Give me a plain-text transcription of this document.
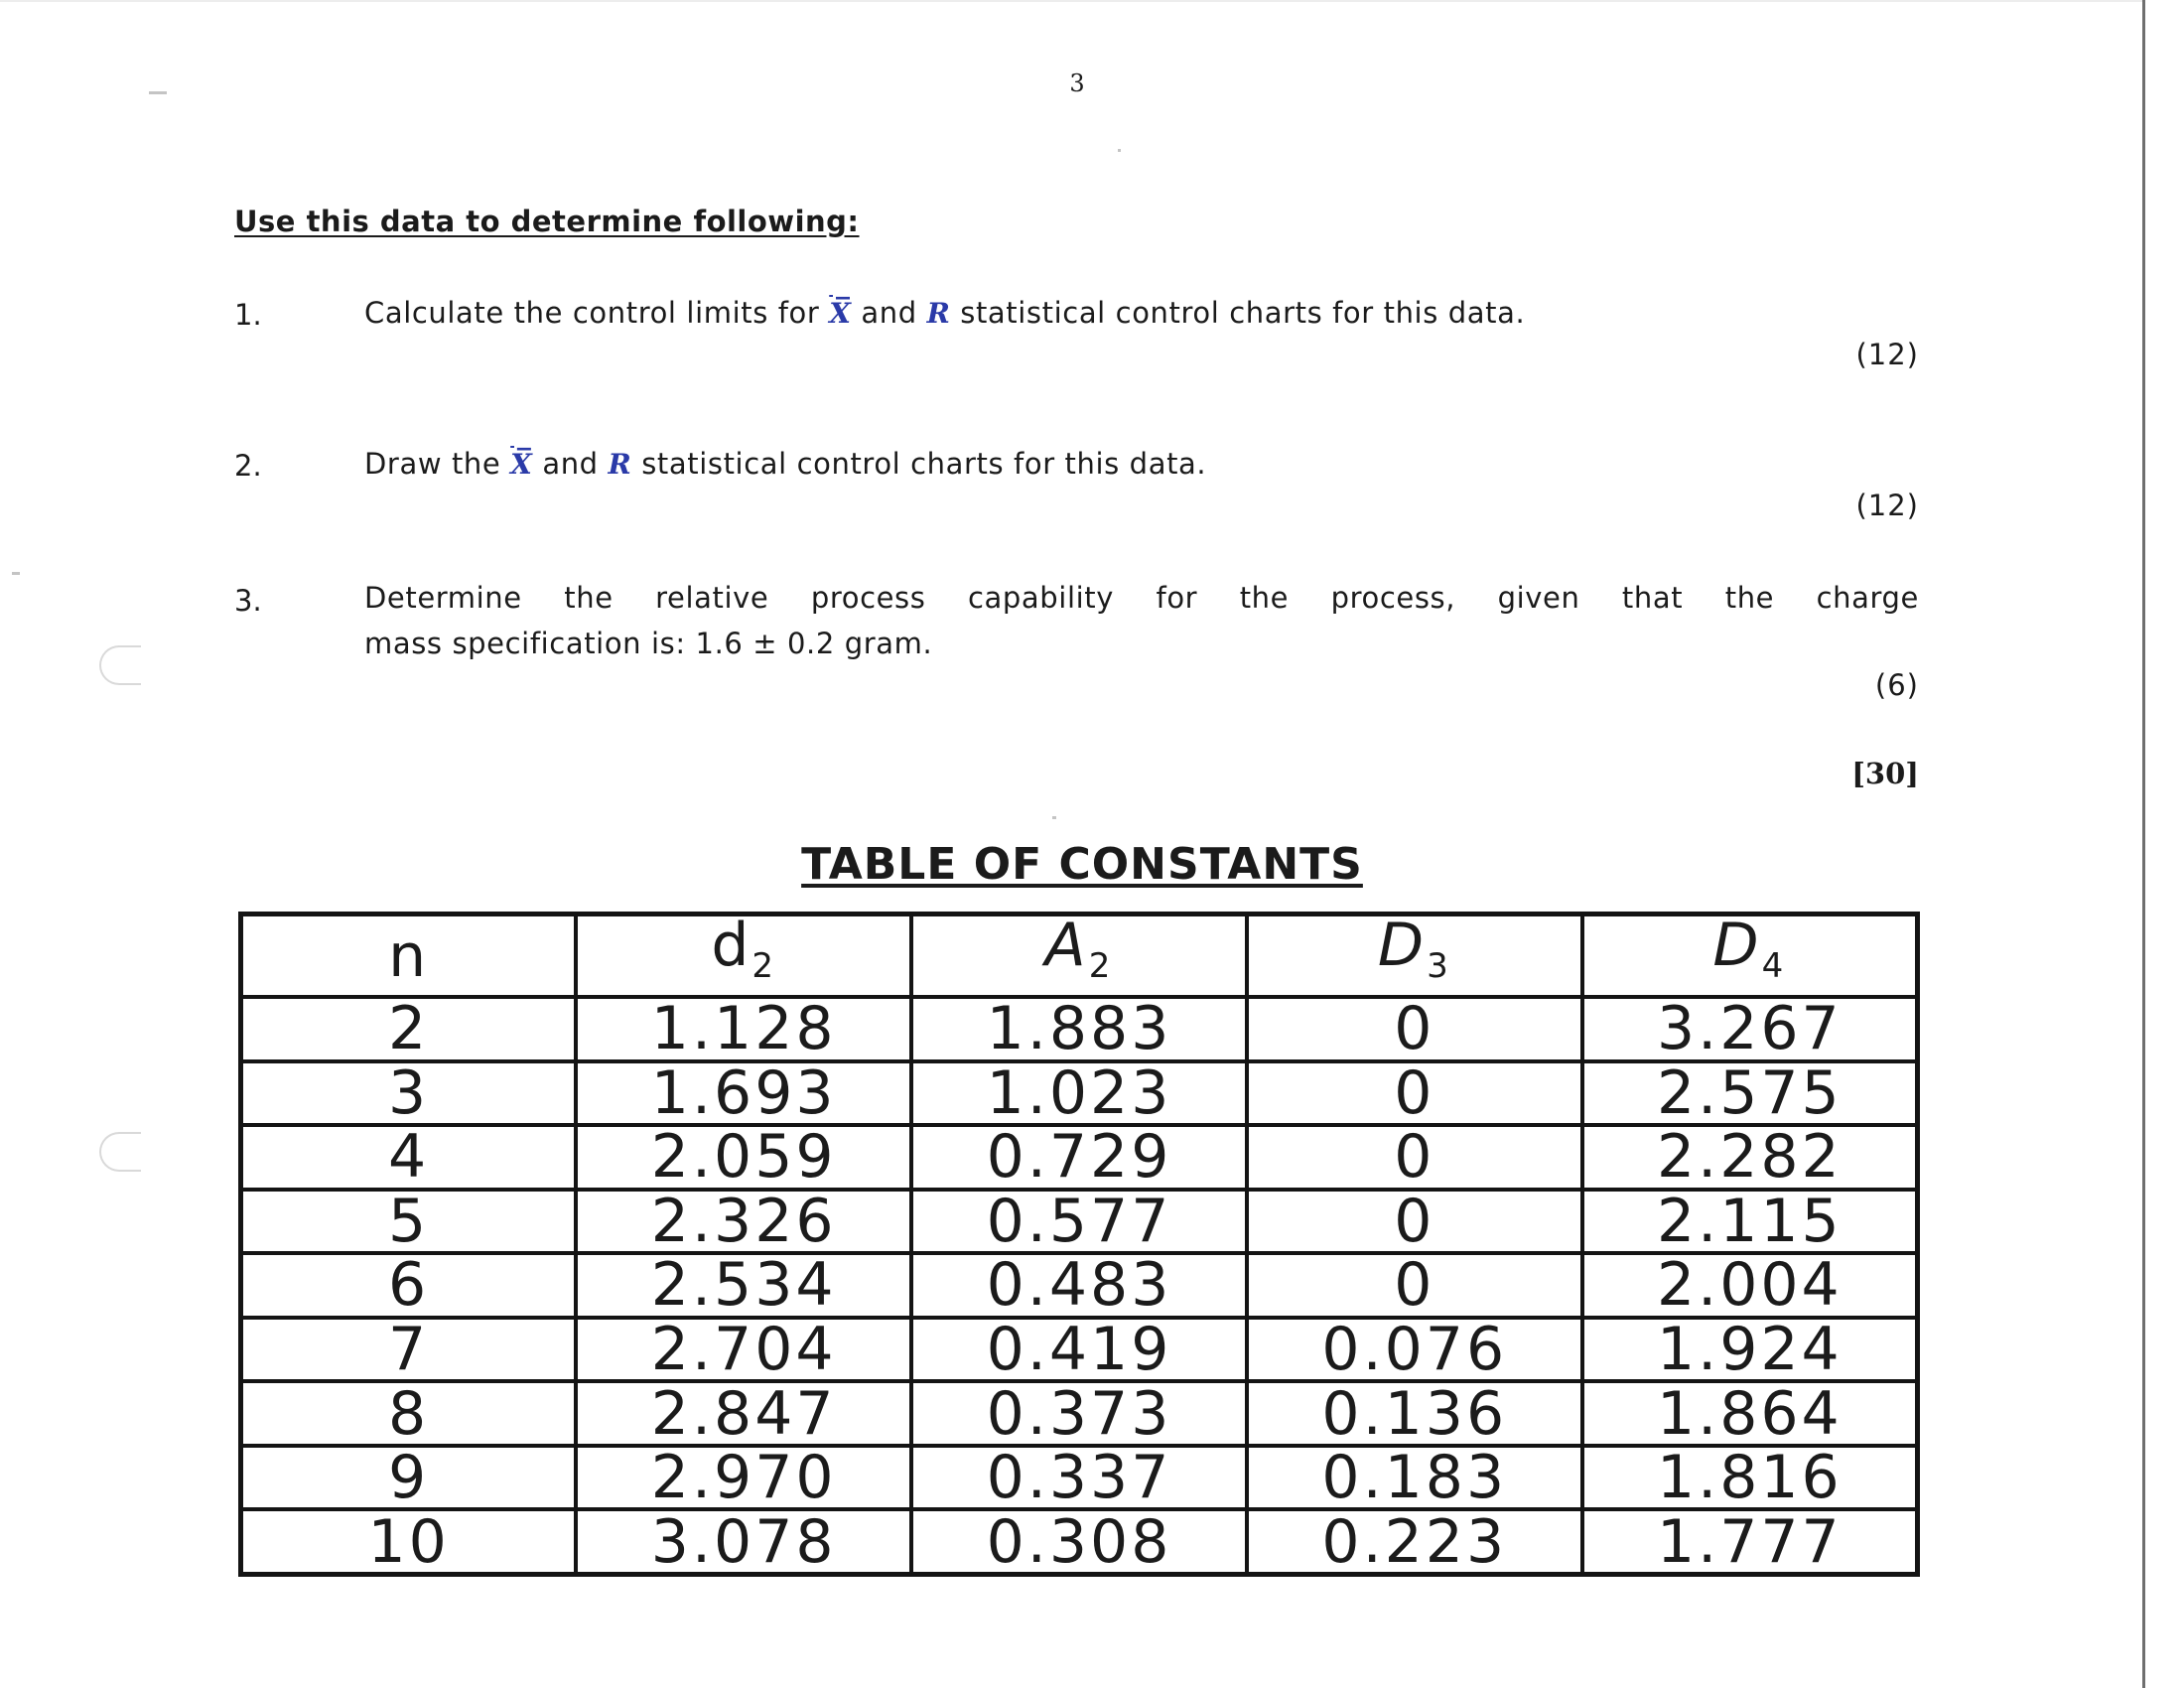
3
Use this data to determine following:
1.	Calculate the control limits for X̅ and R statistical control charts for this data.
(12)
2.	Draw the X̅ and R statistical control charts for this data.
(12)
3.	Determine the relative process capability for the process, given that the charge
mass specification is: 1.6 ± 0.2 gram.
(6)
[30]
TABLE OF CONSTANTS
n	$d_2$	$A_2$	$D_3$	$D_4$
2	1.128	1.883	0	3.267
3	1.693	1.023	0	2.575
4	2.059	0.729	0	2.282
5	2.326	0.577	0	2.115
6	2.534	0.483	0	2.004
7	2.704	0.419	0.076	1.924
8	2.847	0.373	0.136	1.864
9	2.970	0.337	0.183	1.816
10	3.078	0.308	0.223	1.777
